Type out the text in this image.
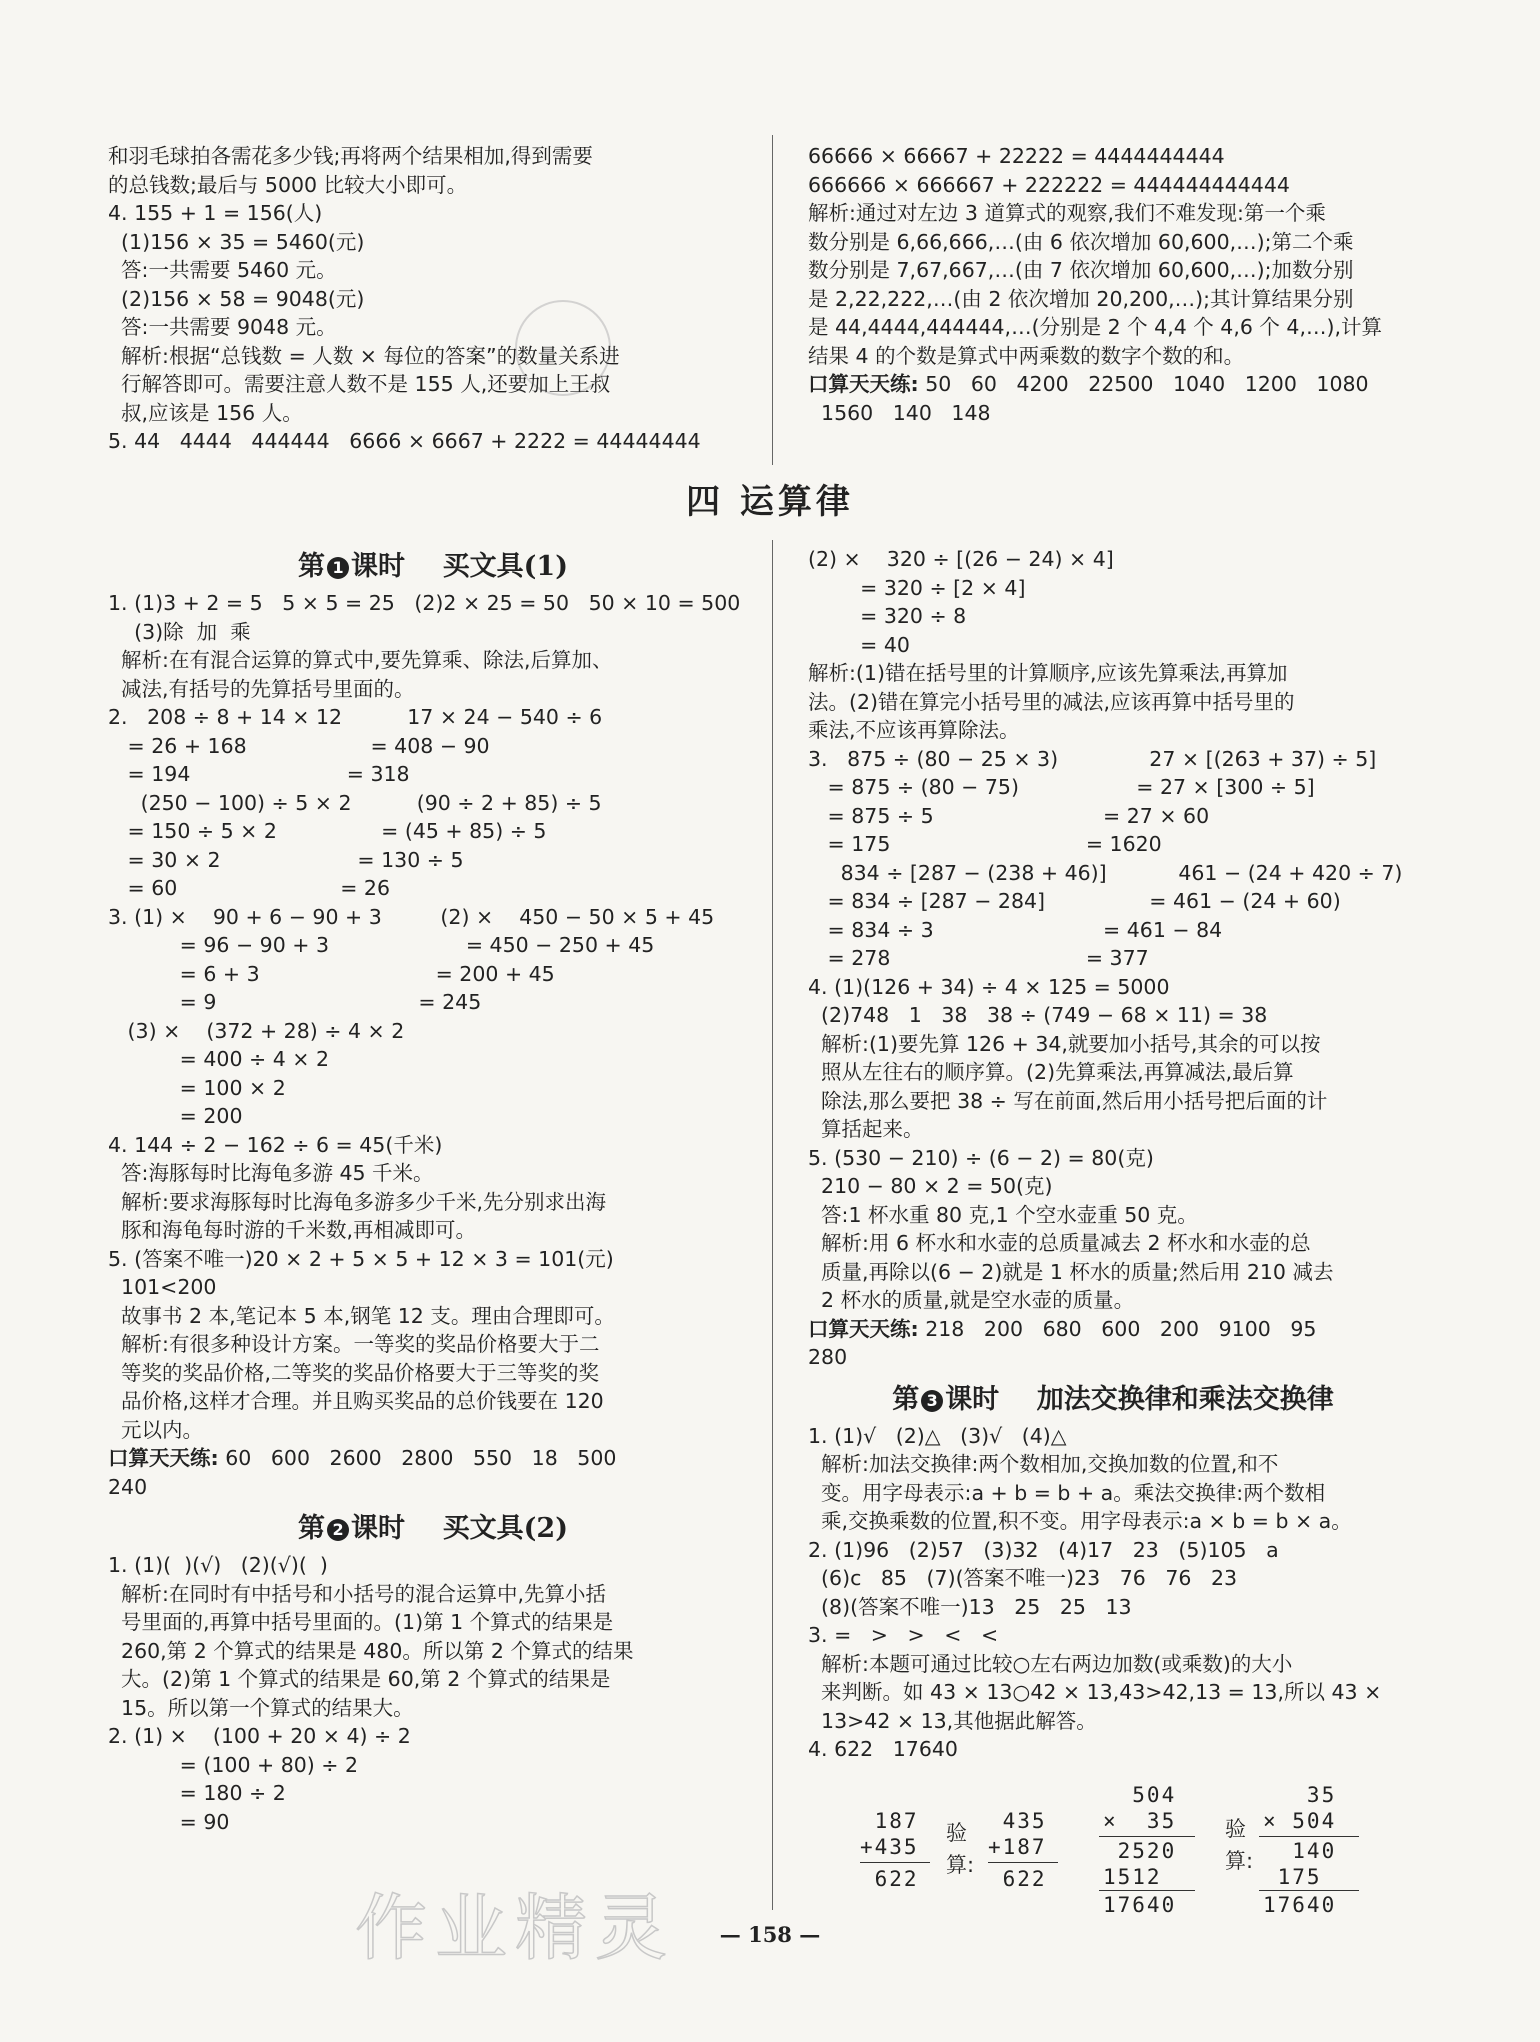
和羽毛球拍各需花多少钱;再将两个结果相加,得到需要
的总钱数;最后与 5000 比较大小即可。
4. 155 + 1 = 156(人)
(1)156 × 35 = 5460(元)
答:一共需要 5460 元。
(2)156 × 58 = 9048(元)
答:一共需要 9048 元。
解析:根据“总钱数 = 人数 × 每位的答案”的数量关系进
行解答即可。需要注意人数不是 155 人,还要加上王叔
叔,应该是 156 人。
5. 44   4444   444444   6666 × 6667 + 2222 = 44444444
66666 × 66667 + 22222 = 4444444444
666666 × 666667 + 222222 = 444444444444
解析:通过对左边 3 道算式的观察,我们不难发现:第一个乘
数分别是 6,66,666,…(由 6 依次增加 60,600,…);第二个乘
数分别是 7,67,667,…(由 7 依次增加 60,600,…);加数分别
是 2,22,222,…(由 2 依次增加 20,200,…);其计算结果分别
是 44,4444,444444,…(分别是 2 个 4,4 个 4,6 个 4,…),计算
结果 4 的个数是算式中两乘数的数字个数的和。
口算天天练: 50   60   4200   22500   1040   1200   1080
1560   140   148
四 运算律
第 1 课时    买文具(1)
1. (1)3 + 2 = 5   5 × 5 = 25   (2)2 × 25 = 50   50 × 10 = 500
(3)除  加  乘
解析:在有混合运算的算式中,要先算乘、除法,后算加、
减法,有括号的先算括号里面的。
2.   208 ÷ 8 + 14 × 12          17 × 24 − 540 ÷ 6
= 26 + 168                   = 408 − 90
= 194                        = 318
(250 − 100) ÷ 5 × 2          (90 ÷ 2 + 85) ÷ 5
= 150 ÷ 5 × 2                = (45 + 85) ÷ 5
= 30 × 2                     = 130 ÷ 5
= 60                         = 26
3. (1) ×    90 + 6 − 90 + 3         (2) ×    450 − 50 × 5 + 45
= 96 − 90 + 3                     = 450 − 250 + 45
= 6 + 3                           = 200 + 45
= 9                               = 245
(3) ×    (372 + 28) ÷ 4 × 2
= 400 ÷ 4 × 2
= 100 × 2
= 200
4. 144 ÷ 2 − 162 ÷ 6 = 45(千米)
答:海豚每时比海龟多游 45 千米。
解析:要求海豚每时比海龟多游多少千米,先分别求出海
豚和海龟每时游的千米数,再相减即可。
5. (答案不唯一)20 × 2 + 5 × 5 + 12 × 3 = 101(元)
101<200
故事书 2 本,笔记本 5 本,钢笔 12 支。理由合理即可。
解析:有很多种设计方案。一等奖的奖品价格要大于二
等奖的奖品价格,二等奖的奖品价格要大于三等奖的奖
品价格,这样才合理。并且购买奖品的总价钱要在 120
元以内。
口算天天练: 60   600   2600   2800   550   18   500
240
第 2 课时    买文具(2)
1. (1)(  )(√)   (2)(√)(  )
解析:在同时有中括号和小括号的混合运算中,先算小括
号里面的,再算中括号里面的。(1)第 1 个算式的结果是
260,第 2 个算式的结果是 480。所以第 2 个算式的结果
大。(2)第 1 个算式的结果是 60,第 2 个算式的结果是
15。所以第一个算式的结果大。
2. (1) ×    (100 + 20 × 4) ÷ 2
= (100 + 80) ÷ 2
= 180 ÷ 2
= 90
(2) ×    320 ÷ [(26 − 24) × 4]
= 320 ÷ [2 × 4]
= 320 ÷ 8
= 40
解析:(1)错在括号里的计算顺序,应该先算乘法,再算加
法。(2)错在算完小括号里的减法,应该再算中括号里的
乘法,不应该再算除法。
3.   875 ÷ (80 − 25 × 3)              27 × [(263 + 37) ÷ 5]
= 875 ÷ (80 − 75)                  = 27 × [300 ÷ 5]
= 875 ÷ 5                          = 27 × 60
= 175                              = 1620
834 ÷ [287 − (238 + 46)]           461 − (24 + 420 ÷ 7)
= 834 ÷ [287 − 284]                = 461 − (24 + 60)
= 834 ÷ 3                          = 461 − 84
= 278                              = 377
4. (1)(126 + 34) ÷ 4 × 125 = 5000
(2)748   1   38   38 ÷ (749 − 68 × 11) = 38
解析:(1)要先算 126 + 34,就要加小括号,其余的可以按
照从左往右的顺序算。(2)先算乘法,再算减法,最后算
除法,那么要把 38 ÷ 写在前面,然后用小括号把后面的计
算括起来。
5. (530 − 210) ÷ (6 − 2) = 80(克)
210 − 80 × 2 = 50(克)
答:1 杯水重 80 克,1 个空水壶重 50 克。
解析:用 6 杯水和水壶的总质量减去 2 杯水和水壶的总
质量,再除以(6 − 2)就是 1 杯水的质量;然后用 210 减去
2 杯水的质量,就是空水壶的质量。
口算天天练: 218   200   680   600   200   9100   95
280
第 3 课时    加法交换律和乘法交换律
1. (1)√   (2)△   (3)√   (4)△
解析:加法交换律:两个数相加,交换加数的位置,和不
变。用字母表示:a + b = b + a。乘法交换律:两个数相
乘,交换乘数的位置,积不变。用字母表示:a × b = b × a。
2. (1)96   (2)57   (3)32   (4)17   23   (5)105   a
(6)c   85   (7)(答案不唯一)23   76   76   23
(8)(答案不唯一)13   25   25   13
3. =   >   >   <   <
解析:本题可通过比较○左右两边加数(或乘数)的大小
来判断。如 43 × 13○42 × 13,43>42,13 = 13,所以 43 ×
13>42 × 13,其他据此解答。
4. 622   17640
187
+435
622
验
算:
435
+187
622
504
×  35
2520
1512
17640
验
算:
35
× 504
140
175
17640
作业精灵	— 158 —
